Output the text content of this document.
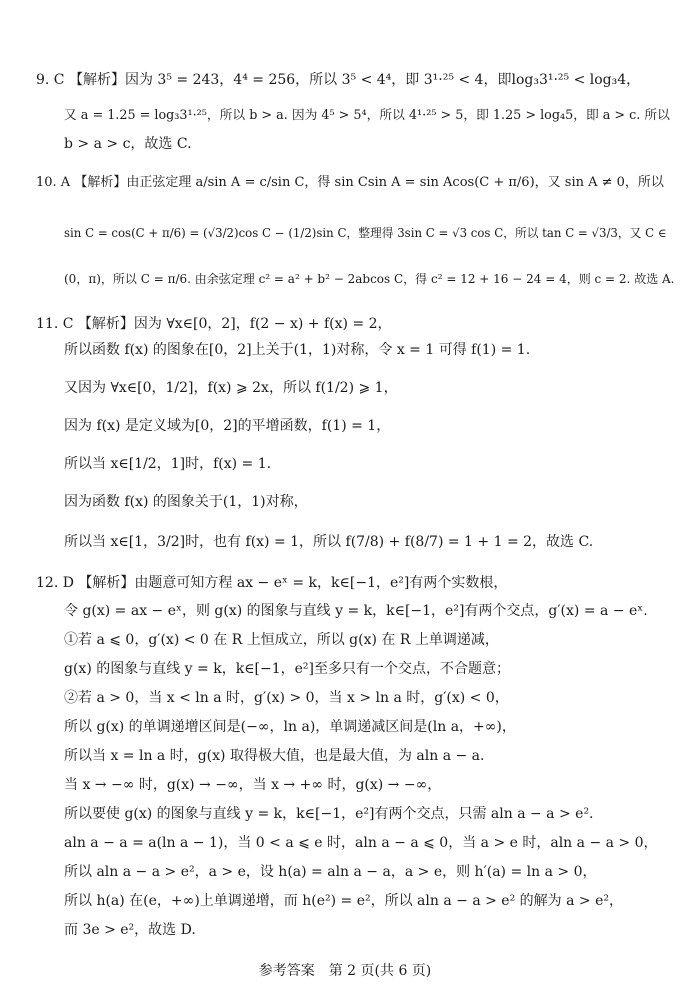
9. C 【解析】因为 3⁵ = 243，4⁴ = 256，所以 3⁵ < 4⁴，即 3¹·²⁵ < 4，即log₃3¹·²⁵ < log₃4，
又 a = 1.25 = log₃3¹·²⁵，所以 b > a. 因为 4⁵ > 5⁴，所以 4¹·²⁵ > 5，即 1.25 > log₄5，即 a > c. 所以
b > a > c，故选 C.
10. A 【解析】由正弦定理 a/sin A = c/sin C，得 sin Csin A = sin Acos(C + π/6)，又 sin A ≠ 0，所以
sin C = cos(C + π/6) = (√3/2)cos C − (1/2)sin C，整理得 3sin C = √3 cos C，所以 tan C = √3/3，又 C ∈
(0，π)，所以 C = π/6. 由余弦定理 c² = a² + b² − 2abcos C，得 c² = 12 + 16 − 24 = 4，则 c = 2. 故选 A.
11. C 【解析】因为 ∀x∈[0，2]，f(2 − x) + f(x) = 2，
所以函数 f(x) 的图象在[0，2]上关于(1，1)对称，令 x = 1 可得 f(1) = 1.
又因为 ∀x∈[0，1/2]，f(x) ⩾ 2x，所以 f(1/2) ⩾ 1，
因为 f(x) 是定义域为[0，2]的平增函数，f(1) = 1，
所以当 x∈[1/2，1]时，f(x) = 1.
因为函数 f(x) 的图象关于(1，1)对称，
所以当 x∈[1，3/2]时，也有 f(x) = 1，所以 f(7/8) + f(8/7) = 1 + 1 = 2，故选 C.
12. D 【解析】由题意可知方程 ax − eˣ = k，k∈[−1，e²]有两个实数根，
令 g(x) = ax − eˣ，则 g(x) 的图象与直线 y = k，k∈[−1，e²]有两个交点，g′(x) = a − eˣ.
①若 a ⩽ 0，g′(x) < 0 在 R 上恒成立，所以 g(x) 在 R 上单调递减，
g(x) 的图象与直线 y = k，k∈[−1，e²]至多只有一个交点，不合题意；
②若 a > 0，当 x < ln a 时，g′(x) > 0，当 x > ln a 时，g′(x) < 0，
所以 g(x) 的单调递增区间是(−∞，ln a)，单调递减区间是(ln a，+∞)，
所以当 x = ln a 时，g(x) 取得极大值，也是最大值，为 aln a − a.
当 x → −∞ 时，g(x) → −∞，当 x → +∞ 时，g(x) → −∞，
所以要使 g(x) 的图象与直线 y = k，k∈[−1，e²]有两个交点，只需 aln a − a > e².
aln a − a = a(ln a − 1)，当 0 < a ⩽ e 时，aln a − a ⩽ 0，当 a > e 时，aln a − a > 0，
所以 aln a − a > e²，a > e，设 h(a) = aln a − a，a > e，则 h′(a) = ln a > 0，
所以 h(a) 在(e，+∞)上单调递增，而 h(e²) = e²，所以 aln a − a > e² 的解为 a > e²，
而 3e > e²，故选 D.
参考答案　第 2 页(共 6 页)
